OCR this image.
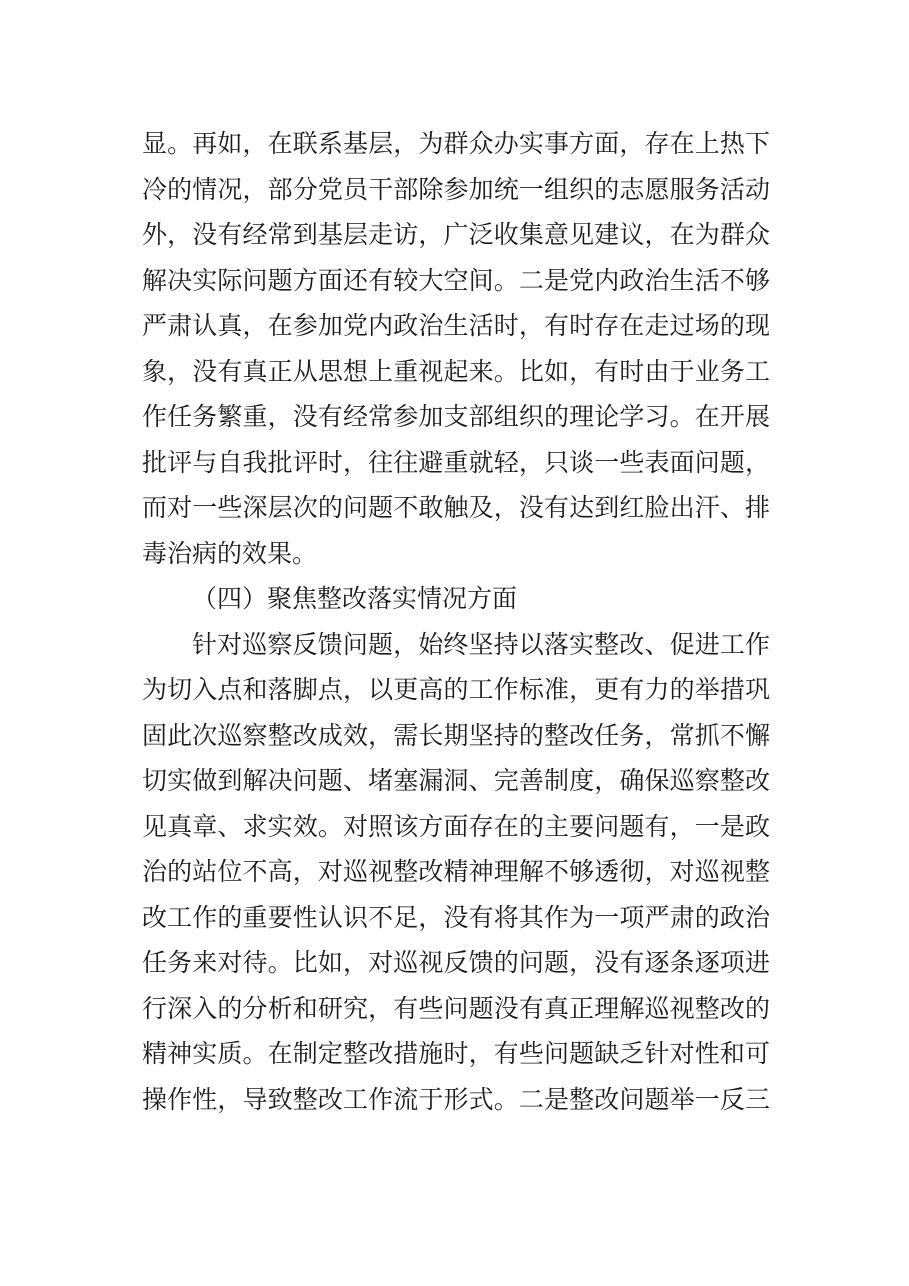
显。再如，在联系基层，为群众办实事方面，存在上热下
冷的情况，部分党员干部除参加统一组织的志愿服务活动
外，没有经常到基层走访，广泛收集意见建议，在为群众
解决实际问题方面还有较大空间。二是党内政治生活不够
严肃认真，在参加党内政治生活时，有时存在走过场的现
象，没有真正从思想上重视起来。比如，有时由于业务工
作任务繁重，没有经常参加支部组织的理论学习。在开展
批评与自我批评时，往往避重就轻，只谈一些表面问题，
而对一些深层次的问题不敢触及，没有达到红脸出汗、排
毒治病的效果。
（四）聚焦整改落实情况方面
针对巡察反馈问题，始终坚持以落实整改、促进工作
为切入点和落脚点，以更高的工作标准，更有力的举措巩
固此次巡察整改成效，需长期坚持的整改任务，常抓不懈
切实做到解决问题、堵塞漏洞、完善制度，确保巡察整改
见真章、求实效。对照该方面存在的主要问题有，一是政
治的站位不高，对巡视整改精神理解不够透彻，对巡视整
改工作的重要性认识不足，没有将其作为一项严肃的政治
任务来对待。比如，对巡视反馈的问题，没有逐条逐项进
行深入的分析和研究，有些问题没有真正理解巡视整改的
精神实质。在制定整改措施时，有些问题缺乏针对性和可
操作性，导致整改工作流于形式。二是整改问题举一反三
